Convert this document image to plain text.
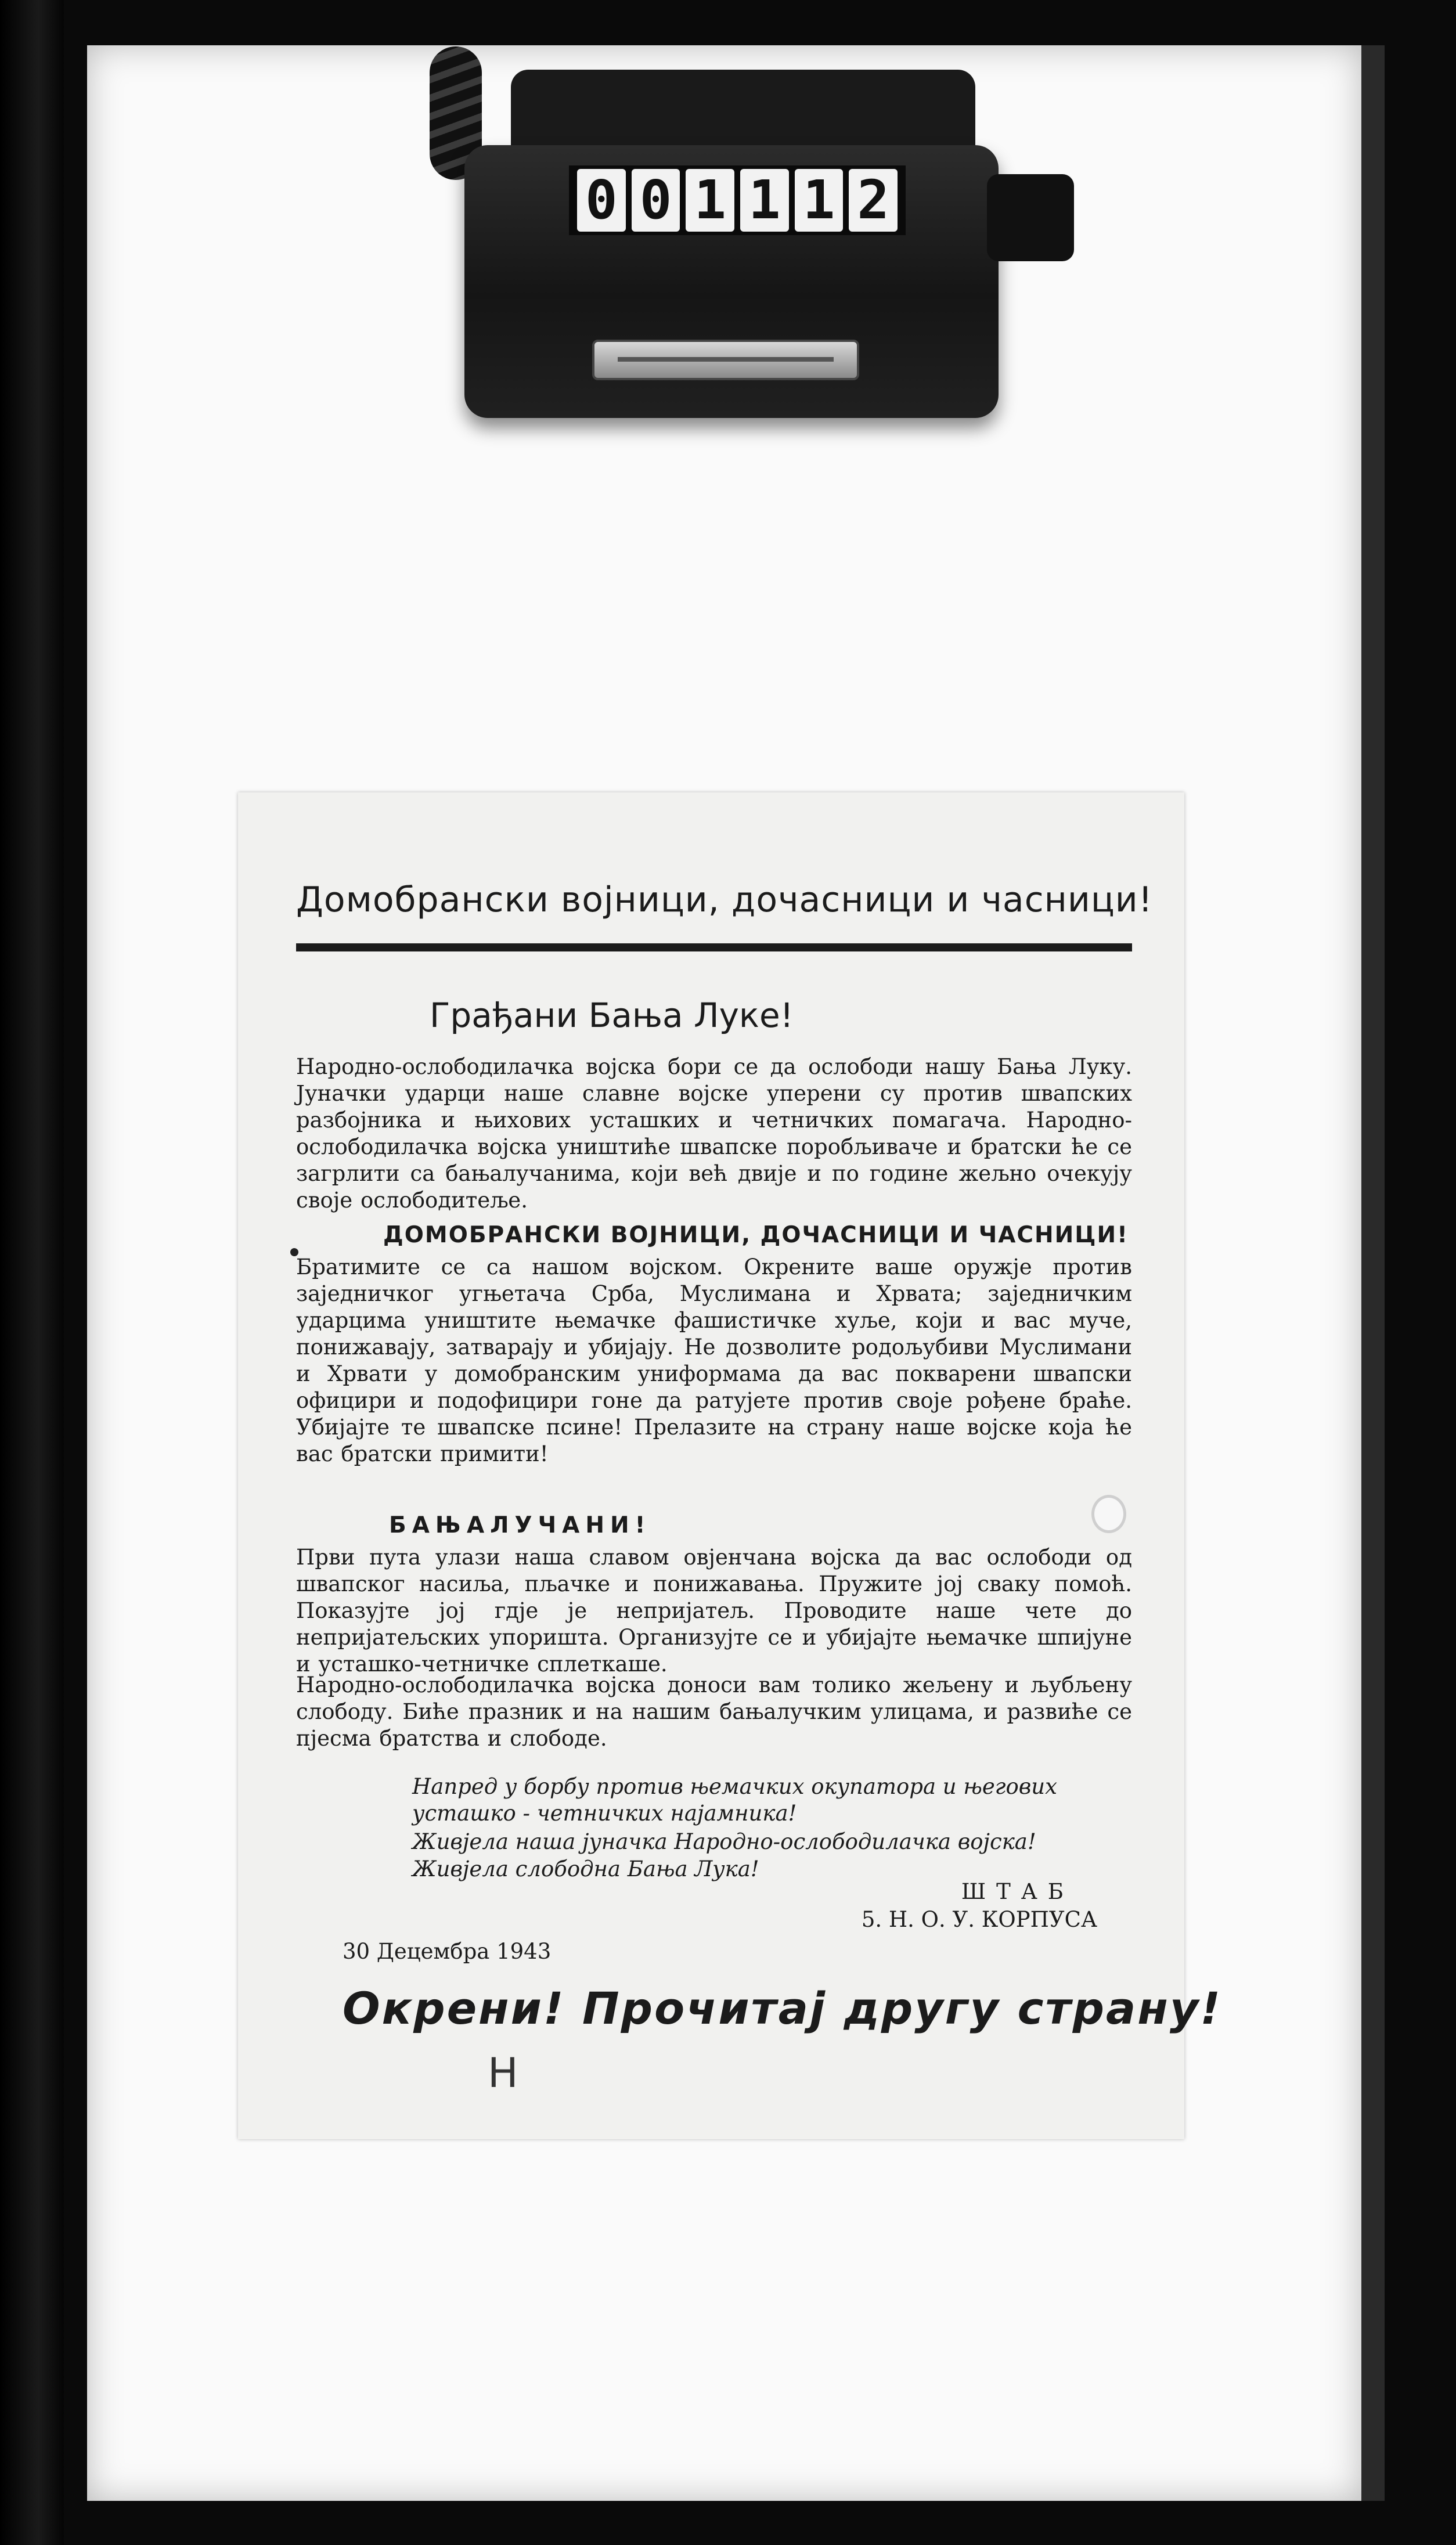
0 0 1 1 1 2
Домобрански војници, дочасници и часници!
Грађани Бања Луке!
Народно-ослободилачка војска бори се да ослободи нашу Бања Луку. Јуначки ударци наше славне војске уперени су против швапских разбојника и њихових усташких и четничких помагача. Народно-ослободилачка војска уништиће швапске поробљиваче и братски ће се загрлити са бањалучанима, који већ двије и по године жељно очекују своје ослободитеље.
ДОМОБРАНСКИ ВОЈНИЦИ, ДОЧАСНИЦИ И ЧАСНИЦИ!
Братимите се са нашом војском. Окрените ваше оружје против заједничког угњетача Срба, Муслимана и Хрвата; заједничким ударцима уништите њемачке фашистичке хуље, који и вас муче, понижавају, затварају и убијају. Не дозволите родољубиви Муслимани и Хрвати у домобранским униформама да вас покварени швапски официри и подофицири гоне да ратујете против своје рођене браће. Убијајте те швапске псине! Прелазите на страну наше војске која ће вас братски примити!
БАЊАЛУЧАНИ!
Први пута улази наша славом овјенчана војска да вас ослободи од швапског насиља, пљачке и понижавања. Пружите јој сваку помоћ. Показујте јој гдје је непријатељ. Проводите наше чете до непријатељских упоришта. Организујте се и убијајте њемачке шпијуне и усташко-четничке сплеткаше.
Народно-ослободилачка војска доноси вам толико жељену и љубљену слободу. Биће празник и на нашим бањалучким улицама, и развиће се пјесма братства и слободе.
Напред у борбу против њемачких окупатора и његових усташко - четничких најамника!
Живјела наша јуначка Народно-ослободилачка војска!
Живјела слободна Бања Лука!
ШТАБ
5. Н. О. У. КОРПУСА
30 Децембра 1943
Окрени! Прочитај другу страну!
Н
